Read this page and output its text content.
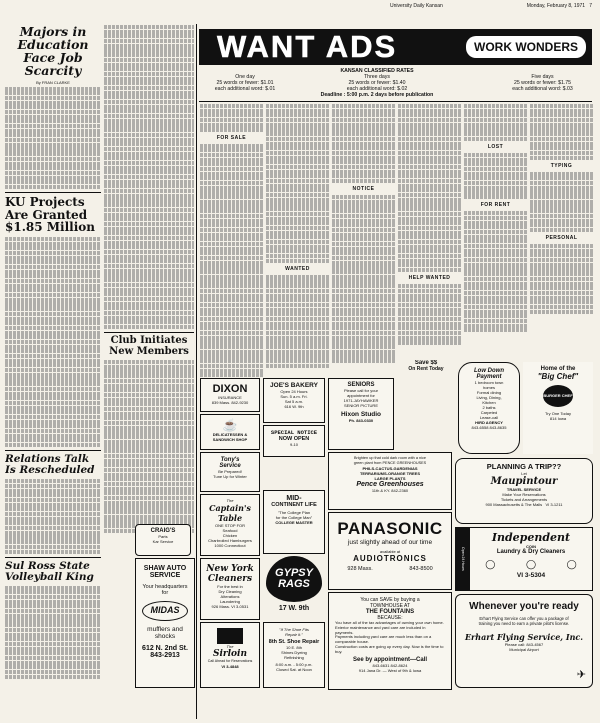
University Daily Kansan	Monday, February 8, 1971 7
Majors in Education Face Job Scarcity
By FRAN CLARKE
KU Projects Are Granted $1.85 Million
Relations Talk Is Rescheduled
Sul Ross State Volleyball King
Club Initiates New Members
WANT ADS	WORK WONDERS
One day
25 words or fewer: $1.01
each additional word: $.01
KANSAN CLASSIFIED RATES
Three days
25 words or fewer: $1.40
each additional word: $.02
Deadline : 5:00 p.m. 2 days before publication
Five days
25 words or fewer: $1.75
each additional word: $.03
FOR SALE
WANTED
NOTICE
HELP WANTED
LOST
FOR RENT
TYPING
PERSONAL
DIXON
INSURANCE
839 Mass. 842-9230
JOE'S BAKERY
Open 24 Hours
Sun. 5 a.m. Fri.
Sat 5 a.m.
616 W. 9th
SENIORS
Please call for your
appointment for
1971-JAYHAWKER
SENIOR PICTURE
Hixon Studio
Ph. 843-0330
Save $$
On Rent Today	Low Down
Payment
1 bedroom town
homes
Formal dining
Living, Dining,
Kitchen
2 baths
Carpeted
Lease-call
HIRD AGENCY
843-6558 843-8635
Home of the
"Big Chef"
BURGER CHEF
Try One Today
814 Iowa
☕
DELICATESSEN &
SANDWICH SHOP
SPECIAL NOTICE
NOW OPEN
9-10
Tony's
Service
Be Prepared!
Tune Up for Winter
Brighten up that cold dark room with a nice
green plant from PENCE GREENHOUSES
PHILS-CACTUS-GARDENIAS
TERRARIUMS-ORANGE TREES
LARGE PLANTS
Pence Greenhouses
11th & KY. 842-2360
PLANNING A TRIP??
Let
Maupintour
TRAVEL SERVICE
Make Your Reservations
Tickets and Arrangements
900 Massachusetts & The Malls VI 3-1211
The
Captain's
Table
ONE STOP FOR
Seafood
Chicken
Charbroiled Hamburgers
1000 Connecticut
MID-
CONTINENT LIFE
"The College Plan
for the College Man"
COLLEGE MASTER
CRAIG'S
Parts
Kar Service
PANASONIC
just slightly ahead of our time
available at
AUDIOTRONICS
928 Mass.	843-8500	Open 24 Hours
Independent
COIN
Laundry & Dry Cleaners
◯	◯	◯
VI 3-5304
SHAW AUTO
SERVICE
Your headquarters
for
MIDAS
mufflers and
shocks
612 N. 2nd St.
843-2913
New York
Cleaners
For the best in
Dry Cleaning
Alterations
Laundering
926 Mass. VI 3-0531
GYPSY
RAGS
17 W. 9th
You can SAVE by buying a
TOWNHOUSE AT
THE FOUNTAINS
BECAUSE:
You have all of the tax advantages of owning your own home.
Exterior maintenance and yard care are included in payments.
Payments including yard care are much less than on a comparable house.
Construction costs are going up every day. Now is the time to buy.
See by appointment—Call
843-6631 842-8624
914 Jana Dr. — West of 9th & Iowa
The
Sirloin
Call Ahead for Reservations
VI 3-4848
"If The Shoe Fits
Repair It."
8th St. Shoe Repair
10 E. 8th
Shines Dyeing
Refinishing
8:00 a.m. - 5:00 p.m.
Closed Sat. at Noon
Whenever you're ready
Erhart Flying Service can offer you a package of
training you need to earn a private pilot's license.
Erhart Flying Service, Inc.
Please call: 843-4567
Municipal Airport
✈
